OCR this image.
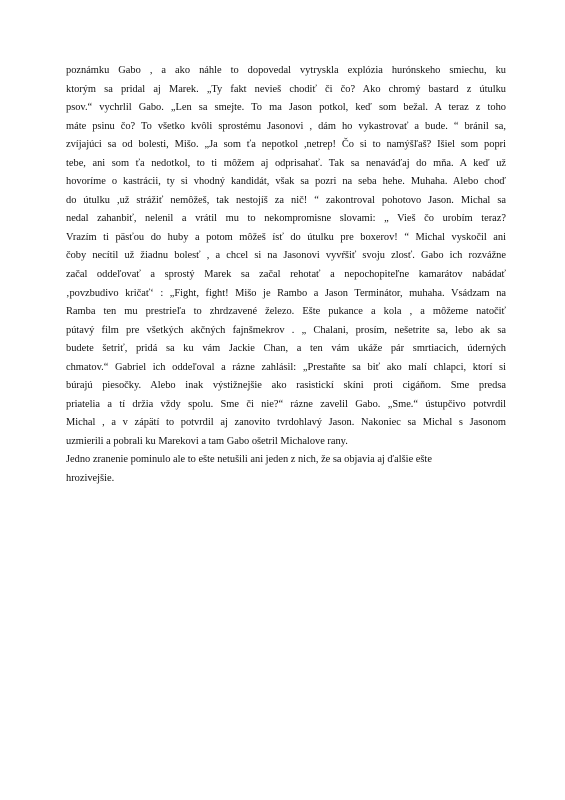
poznámku Gabo , a ako náhle to dopovedal vytryskla explózia hurónskeho smiechu, ku
ktorým sa pridal aj Marek. „Ty fakt nevieš chodiť či čo? Ako chromý bastard z útulku
psov.“ vychrlil Gabo. „Len sa smejte. To ma Jason potkol, keď som bežal. A teraz z toho
máte psinu čo? To všetko kvôli sprostému Jasonovi , dám ho vykastrovať a bude. “ bránil sa,
zvíjajúci sa od bolesti, Mišo. „Ja som ťa nepotkol ,netrep! Čo si to namýšľaš? Išiel som popri
tebe, ani som ťa nedotkol, to ti môžem aj odprisahať. Tak sa nenaváďaj do mňa. A keď už
hovoríme o kastrácii, ty si vhodný kandidát, však sa pozri na seba hehe. Muhaha. Alebo choď
do útulku ,už strážiť nemôžeš, tak nestojíš za nič! “ zakontroval pohotovo Jason. Michal sa
nedal zahanbiť, nelenil a vrátil mu to nekompromisne slovami: „ Vieš čo urobím teraz?
Vrazím ti päsťou do huby a potom môžeš ísť do útulku pre boxerov! “ Michal vyskočil ani
čoby necítil už žiadnu bolesť , a chcel si na Jasonovi vyvŕšiť svoju zlosť. Gabo ich rozvážne
začal oddeľovať a sprostý Marek sa začal rehotať a nepochopiteľne kamarátov nabádať
‚povzbudivo kričať‘ : „Fight, fight! Mišo je Rambo a Jason Terminátor, muhaha. Vsádzam na
Ramba ten mu prestrieľa to zhrdzavené železo. Ešte pukance a kola , a môžeme natočiť
pútavý film pre všetkých akčných fajnšmekrov . „ Chalani, prosím, nešetrite sa, lebo ak sa
budete šetriť, pridá sa ku vám Jackie Chan, a ten vám ukáže pár smrtiacich, úderných
chmatov.“ Gabriel ich oddeľoval a rázne zahlásil: „Prestaňte sa biť ako malí chlapci, ktorí si
búrajú piesočky. Alebo inak výstižnejšie ako rasistickí skíni proti cigáňom. Sme predsa
priatelia a tí držia vždy spolu. Sme či nie?“ rázne zavelil Gabo. „Sme.“ ústupčivo potvrdil
Michal , a v zápätí to potvrdil aj zanovito tvrdohlavý Jason. Nakoniec sa Michal s Jasonom
uzmierili a pobrali ku Marekovi a tam Gabo ošetril Michalove rany.
Jedno zranenie pominulo ale to ešte netušili ani jeden z nich, že sa objavia aj ďalšie ešte
hrozivejšie.
